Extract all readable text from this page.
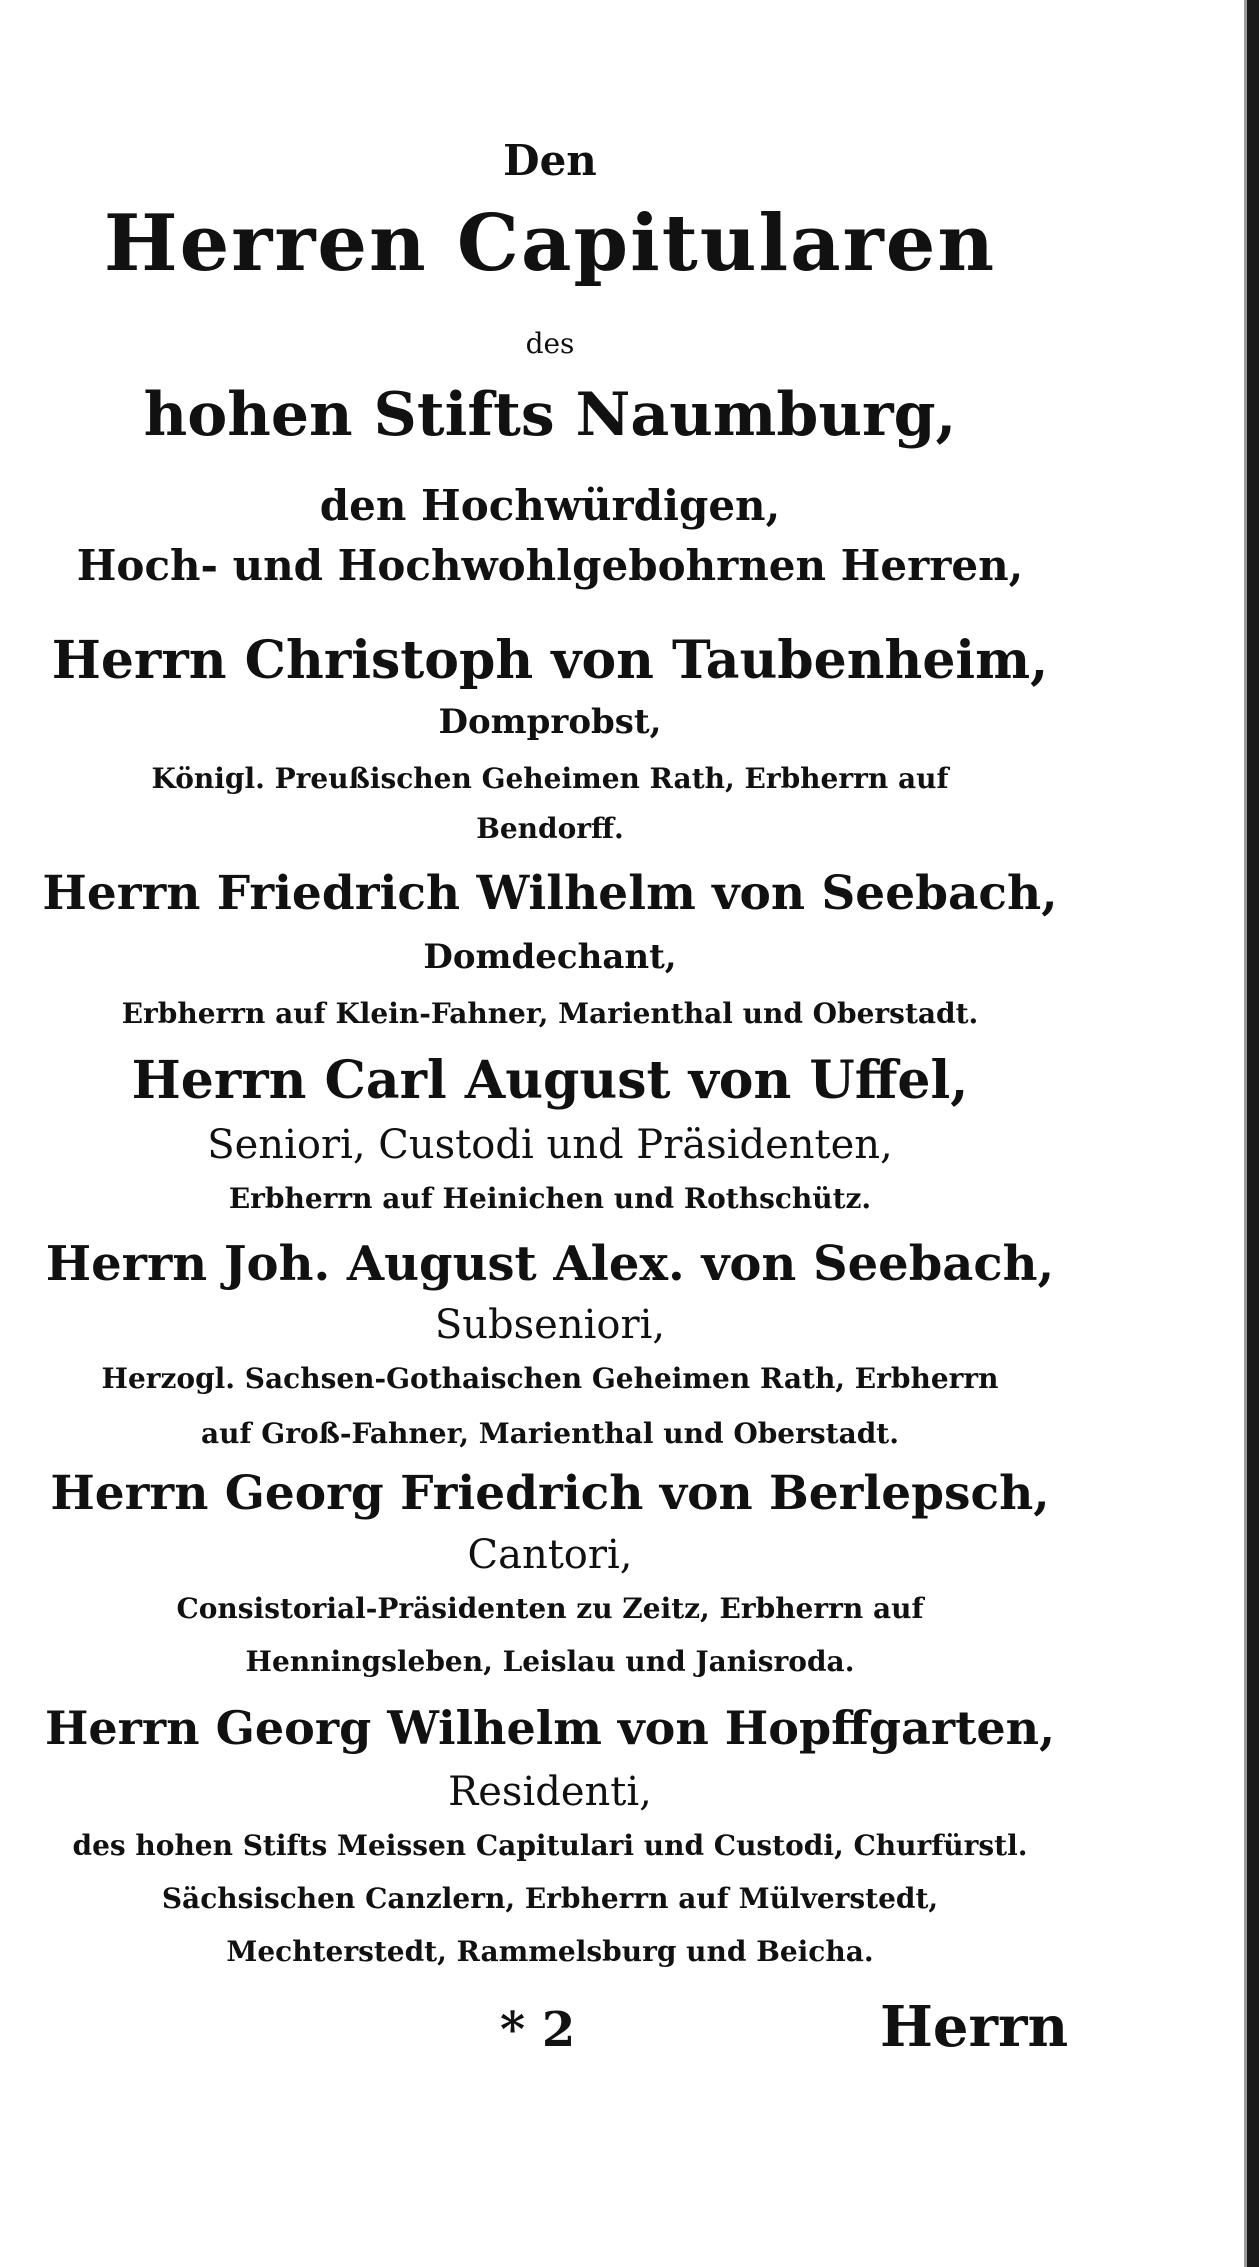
Den
Herren Capitularen
des
hohen Stifts Naumburg,
den Hochwürdigen,
Hoch- und Hochwohlgebohrnen Herren,
Herrn Christoph von Taubenheim,
Domprobst,
Königl. Preußischen Geheimen Rath, Erbherrn auf
Bendorff.
Herrn Friedrich Wilhelm von Seebach,
Domdechant,
Erbherrn auf Klein-Fahner, Marienthal und Oberstadt.
Herrn Carl August von Uffel,
Seniori, Custodi und Präsidenten,
Erbherrn auf Heinichen und Rothschütz.
Herrn Joh. August Alex. von Seebach,
Subseniori,
Herzogl. Sachsen-Gothaischen Geheimen Rath, Erbherrn
auf Groß-Fahner, Marienthal und Oberstadt.
Herrn Georg Friedrich von Berlepsch,
Cantori,
Consistorial-Präsidenten zu Zeitz, Erbherrn auf
Henningsleben, Leislau und Janisroda.
Herrn Georg Wilhelm von Hopffgarten,
Residenti,
des hohen Stifts Meissen Capitulari und Custodi, Churfürstl.
Sächsischen Canzlern, Erbherrn auf Mülverstedt,
Mechterstedt, Rammelsburg und Beicha.
* 2	Herrn
